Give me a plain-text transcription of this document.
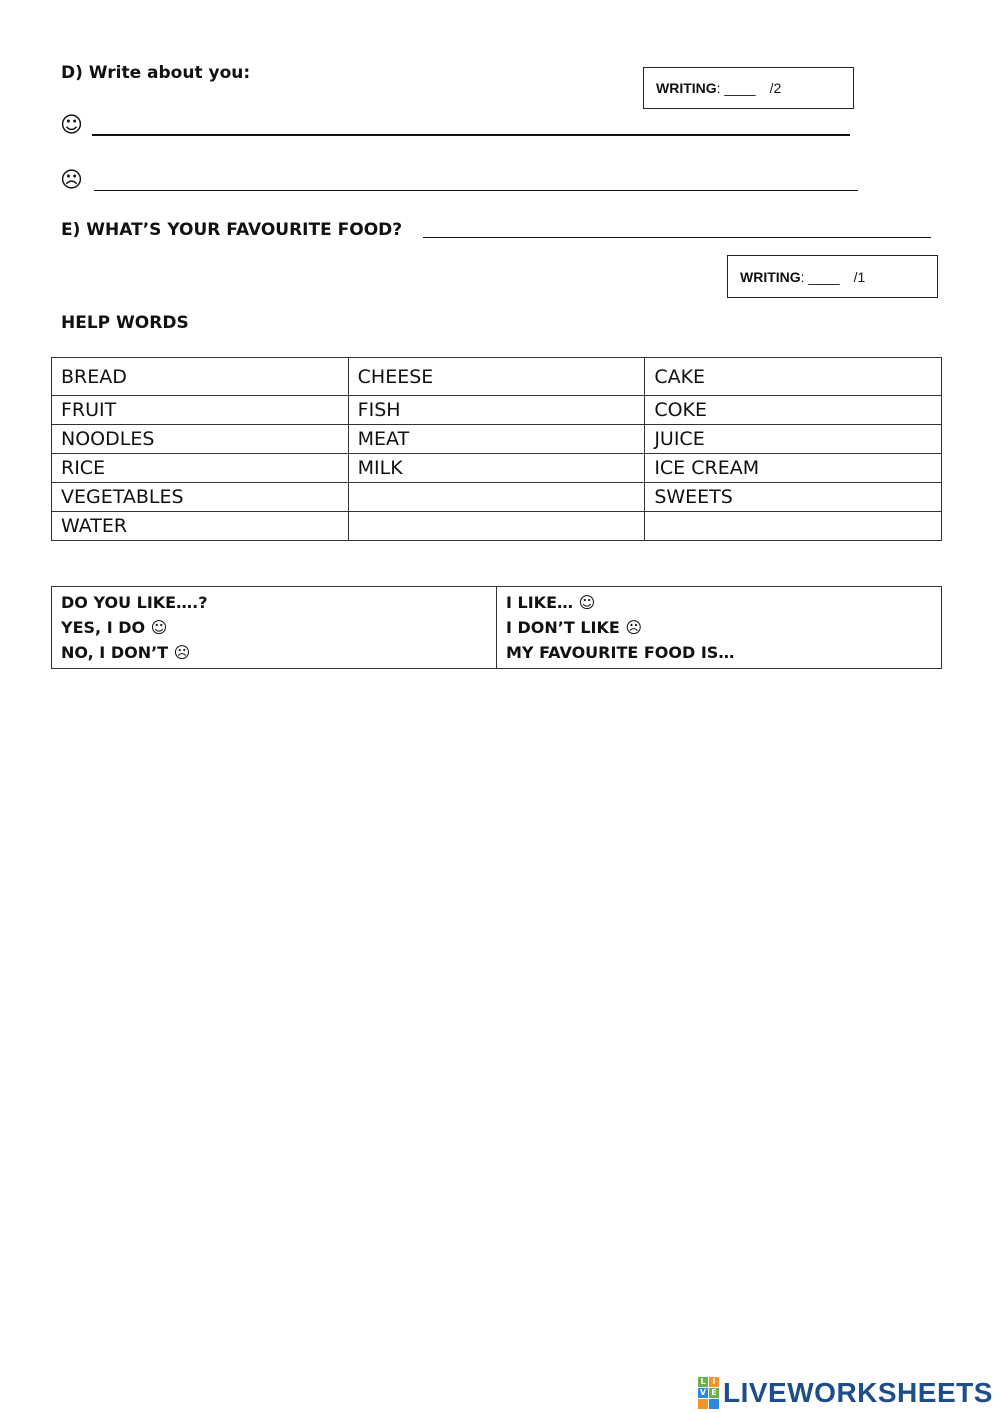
D) Write about you:
WRITING : ____ /2
☺
☹
E) WHAT’S YOUR FAVOURITE FOOD?
WRITING : ____ /1
HELP WORDS
BREAD	CHEESE	CAKE
FRUIT	FISH	COKE
NOODLES	MEAT	JUICE
RICE	MILK	ICE CREAM
VEGETABLES		SWEETS
WATER		
DO YOU LIKE….?
YES, I DO ☺
NO, I DON’T ☹

I LIKE… ☺
I DON’T LIKE ☹
MY FAVOURITE FOOD IS…
L I
V E LIVEWORKSHEETS
